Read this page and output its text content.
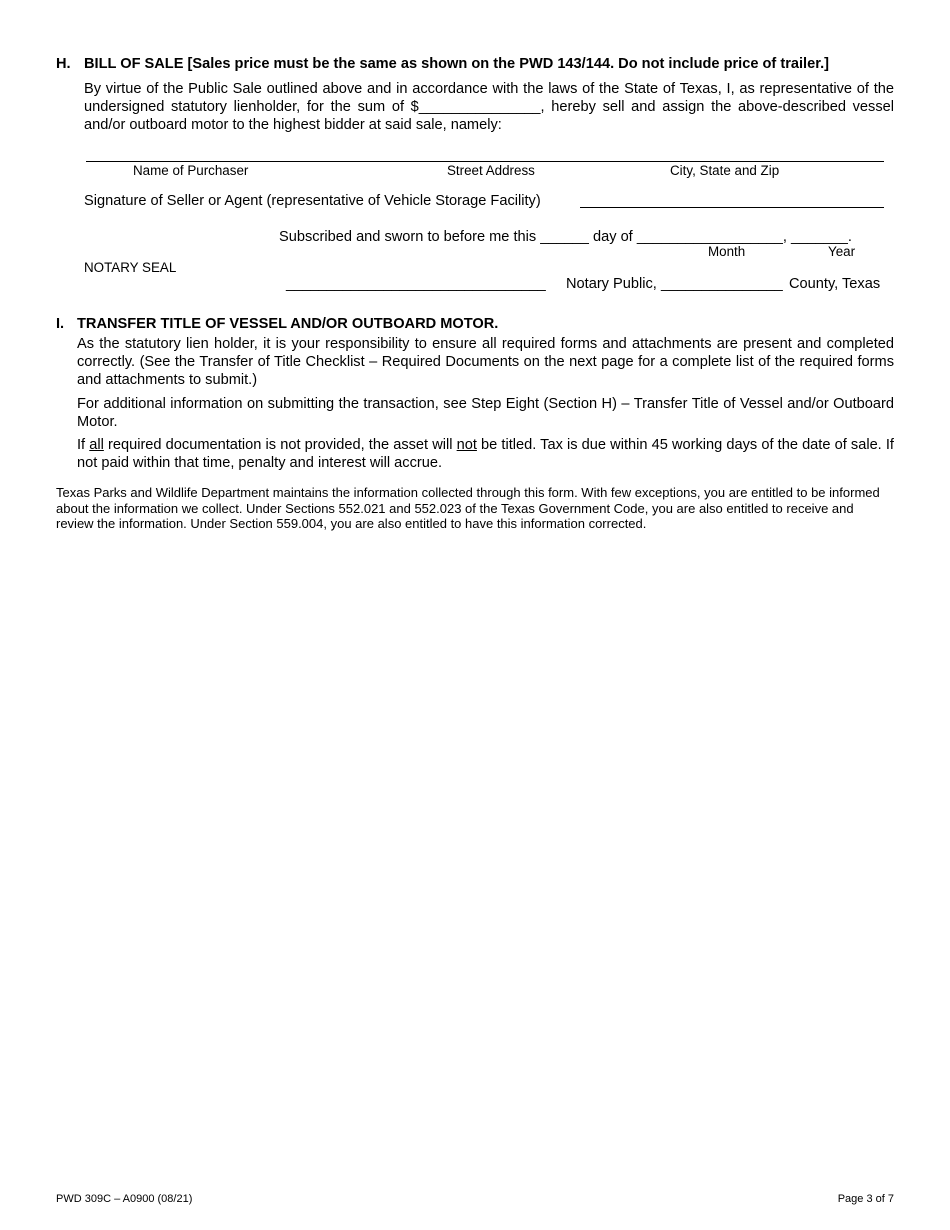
H. BILL OF SALE [Sales price must be the same as shown on the PWD 143/144. Do not include price of trailer.]
By virtue of the Public Sale outlined above and in accordance with the laws of the State of Texas, I, as representative of the undersigned statutory lienholder, for the sum of $_______________, hereby sell and assign the above-described vessel and/or outboard motor to the highest bidder at said sale, namely:
Name of Purchaser	Street Address	City, State and Zip
Signature of Seller or Agent (representative of Vehicle Storage Facility)
Subscribed and sworn to before me this ______ day of __________________, _______.
Month	Year
NOTARY SEAL
________________________________ Notary Public, _______________ County, Texas
I. TRANSFER TITLE OF VESSEL AND/OR OUTBOARD MOTOR.
As the statutory lien holder, it is your responsibility to ensure all required forms and attachments are present and completed correctly. (See the Transfer of Title Checklist – Required Documents on the next page for a complete list of the required forms and attachments to submit.)
For additional information on submitting the transaction, see Step Eight (Section H) – Transfer Title of Vessel and/or Outboard Motor.
If all required documentation is not provided, the asset will not be titled. Tax is due within 45 working days of the date of sale. If not paid within that time, penalty and interest will accrue.
Texas Parks and Wildlife Department maintains the information collected through this form. With few exceptions, you are entitled to be informed about the information we collect. Under Sections 552.021 and 552.023 of the Texas Government Code, you are also entitled to receive and review the information. Under Section 559.004, you are also entitled to have this information corrected.
PWD 309C – A0900 (08/21)	Page 3 of 7
